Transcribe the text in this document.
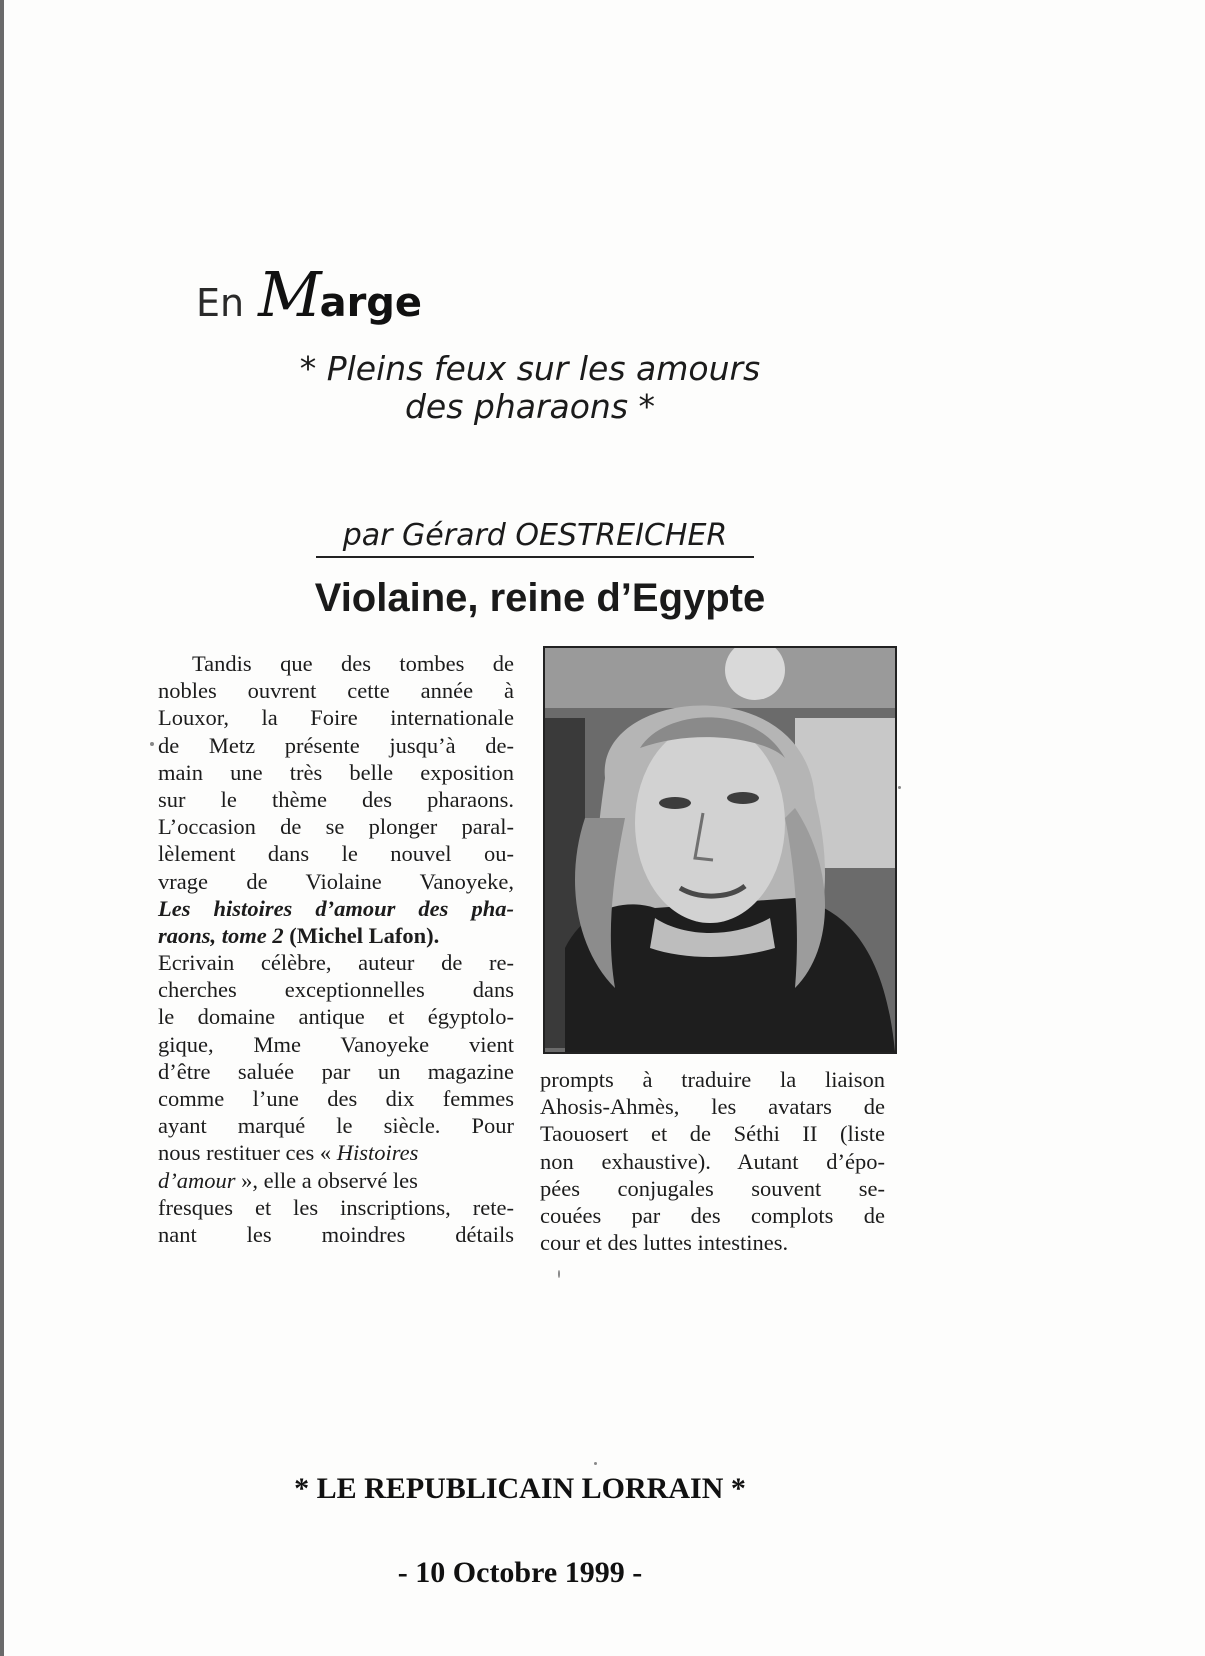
En Marge
* Pleins feux sur les amours
des pharaons *
par Gérard OESTREICHER
Violaine, reine d’Egypte
Tandis que des tombes de
nobles ouvrent cette année à
Louxor, la Foire internationale
de Metz présente jusqu’à de-
main une très belle exposition
sur le thème des pharaons.
L’occasion de se plonger paral-
lèlement dans le nouvel ou-
vrage de Violaine Vanoyeke,
Les histoires d’amour des pha-
raons, tome 2 (Michel Lafon).
Ecrivain célèbre, auteur de re-
cherches exceptionnelles dans
le domaine antique et égyptolo-
gique, Mme Vanoyeke vient
d’être saluée par un magazine
comme l’une des dix femmes
ayant marqué le siècle. Pour
nous restituer ces « Histoires
d’amour », elle a observé les
fresques et les inscriptions, rete-
nant les moindres détails
prompts à traduire la liaison
Ahosis-Ahmès, les avatars de
Taouosert et de Séthi II (liste
non exhaustive). Autant d’épo-
pées conjugales souvent se-
couées par des complots de
cour et des luttes intestines.
* LE REPUBLICAIN LORRAIN *
- 10 Octobre 1999 -
